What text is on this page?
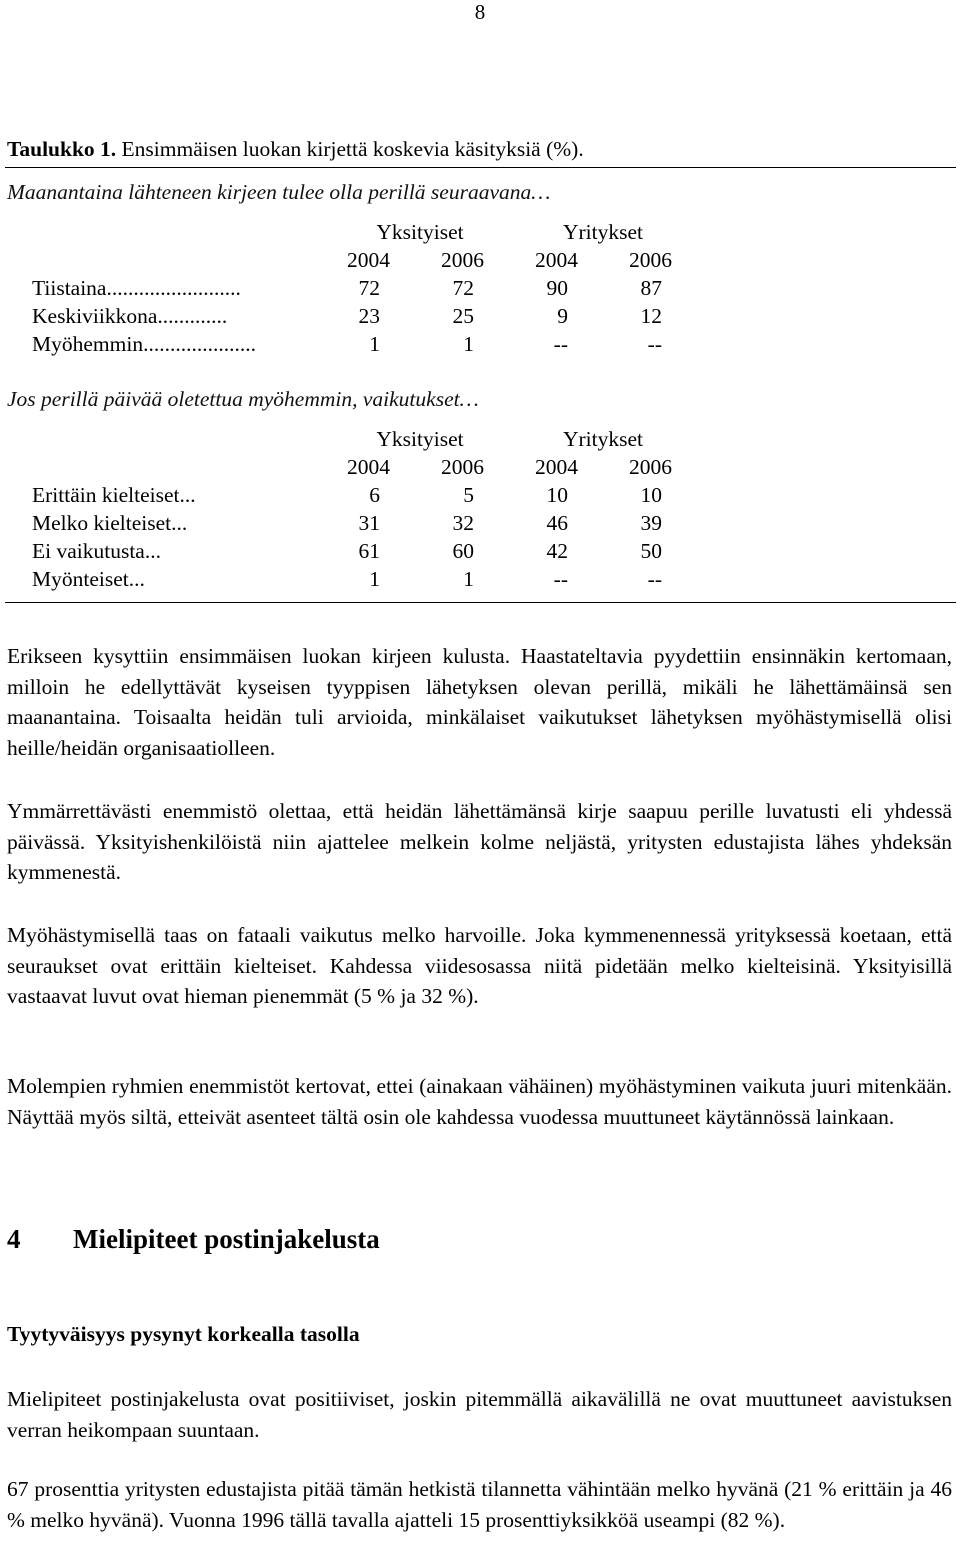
8
Taulukko 1. Ensimmäisen luokan kirjettä koskevia käsityksiä (%).
Maanantaina lähteneen kirjeen tulee olla perillä seuraavana…
Yksityiset	Yritykset
2004	2006	2004	2006
Tiistaina.........................	72	72	90	87
Keskiviikkona.............	23	25	9	12
Myöhemmin.....................	1	1	--	--
Jos perillä päivää oletettua myöhemmin, vaikutukset…
Yksityiset	Yritykset
2004	2006	2004	2006
Erittäin kielteiset...	6	5	10	10
Melko kielteiset...	31	32	46	39
Ei vaikutusta...	61	60	42	50
Myönteiset...	1	1	--	--

Erikseen kysyttiin ensimmäisen luokan kirjeen kulusta. Haastateltavia pyydettiin ensinnäkin kertomaan, milloin he edellyttävät kyseisen tyyppisen lähetyksen olevan perillä, mikäli he lähettämäinsä sen maanantaina. Toisaalta heidän tuli arvioida, minkälaiset vaikutukset lähetyksen myöhästymisellä olisi heille/heidän organisaatiolleen.

Ymmärrettävästi enemmistö olettaa, että heidän lähettämänsä kirje saapuu perille luvatusti eli yhdessä päivässä. Yksityishenkilöistä niin ajattelee melkein kolme neljästä, yritysten edustajista lähes yhdeksän kymmenestä.

Myöhästymisellä taas on fataali vaikutus melko harvoille. Joka kymmenennessä yrityksessä koetaan, että seuraukset ovat erittäin kielteiset. Kahdessa viidesosassa niitä pidetään melko kielteisinä. Yksityisillä vastaavat luvut ovat hieman pienemmät (5 % ja 32 %).

Molempien ryhmien enemmistöt kertovat, ettei (ainakaan vähäinen) myöhästyminen vaikuta juuri mitenkään. Näyttää myös siltä, etteivät asenteet tältä osin ole kahdessa vuodessa muuttuneet käytännössä lainkaan.

4 Mielipiteet postinjakelusta
Tyytyväisyys pysynyt korkealla tasolla

Mielipiteet postinjakelusta ovat positiiviset, joskin pitemmällä aikavälillä ne ovat muuttuneet aavistuksen verran heikompaan suuntaan.

67 prosenttia yritysten edustajista pitää tämän hetkistä tilannetta vähintään melko hyvänä (21 % erittäin ja 46 % melko hyvänä). Vuonna 1996 tällä tavalla ajatteli 15 prosenttiyksikköä useampi (82 %).
